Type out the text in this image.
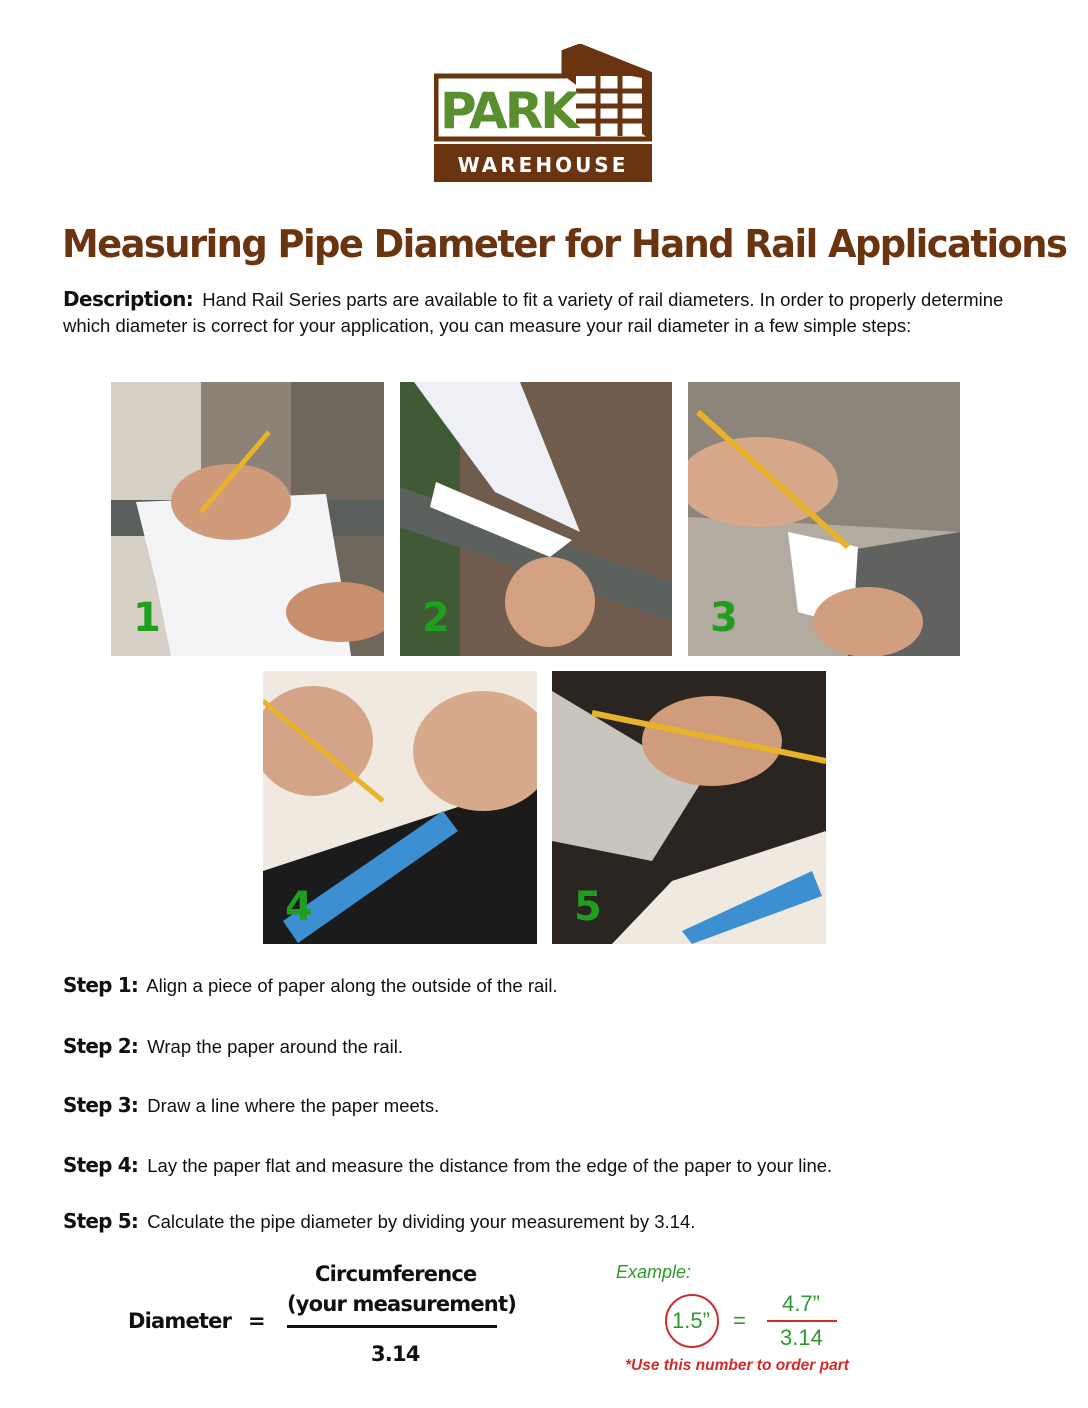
PARK
WAREHOUSE
Measuring Pipe Diameter for Hand Rail Applications
Description: Hand Rail Series parts are available to fit a variety of rail diameters. In order to properly determine which diameter is correct for your application, you can measure your rail diameter in a few simple steps:
1	2	3
4	5
Step 1: Align a piece of paper along the outside of the rail.
Step 2: Wrap the paper around the rail.
Step 3: Draw a line where the paper meets.
Step 4: Lay the paper flat and measure the distance from the edge of the paper to your line.
Step 5: Calculate the pipe diameter by dividing your measurement by 3.14.
Diameter =
Circumference
(your measurement)
3.14
Example:
1.5” =
4.7”
3.14
*Use this number to order part
